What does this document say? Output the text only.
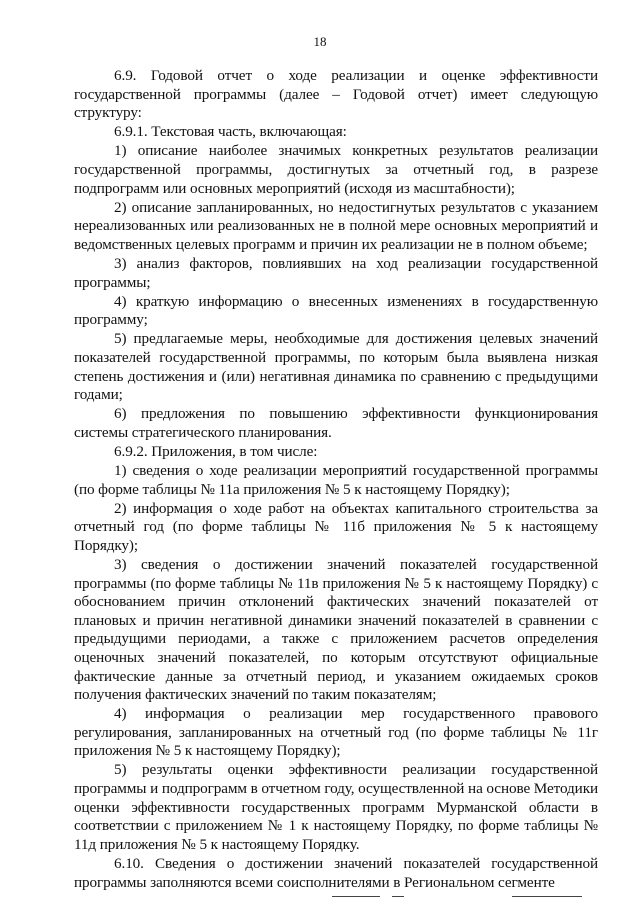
18

6.9. Годовой отчет о ходе реализации и оценке эффективности государственной программы (далее – Годовой отчет) имеет следующую структуру:

6.9.1. Текстовая часть, включающая:

1) описание наиболее значимых конкретных результатов реализации государственной программы, достигнутых за отчетный год, в разрезе подпрограмм или основных мероприятий (исходя из масштабности);

2) описание запланированных, но недостигнутых результатов с указанием нереализованных или реализованных не в полной мере основных мероприятий и ведомственных целевых программ и причин их реализации не в полном объеме;

3) анализ факторов, повлиявших на ход реализации государственной программы;

4) краткую информацию о внесенных изменениях в государственную программу;

5) предлагаемые меры, необходимые для достижения целевых значений показателей государственной программы, по которым была выявлена низкая степень достижения и (или) негативная динамика по сравнению с предыдущими годами;

6) предложения по повышению эффективности функционирования системы стратегического планирования.

6.9.2. Приложения, в том числе:

1) сведения о ходе реализации мероприятий государственной программы (по форме таблицы № 11а приложения № 5 к настоящему Порядку);

2) информация о ходе работ на объектах капитального строительства за отчетный год (по форме таблицы № 11б приложения № 5 к настоящему Порядку);

3) сведения о достижении значений показателей государственной программы (по форме таблицы № 11в приложения № 5 к настоящему Порядку) с обоснованием причин отклонений фактических значений показателей от плановых и причин негативной динамики значений показателей в сравнении с предыдущими периодами, а также с приложением расчетов определения оценочных значений показателей, по которым отсутствуют официальные фактические данные за отчетный период, и указанием ожидаемых сроков получения фактических значений по таким показателям;

4) информация о реализации мер государственного правового регулирования, запланированных на отчетный год (по форме таблицы № 11г приложения № 5 к настоящему Порядку);

5) результаты оценки эффективности реализации государственной программы и подпрограмм в отчетном году, осуществленной на основе Методики оценки эффективности государственных программ Мурманской области в соответствии с приложением № 1 к настоящему Порядку, по форме таблицы № 11д приложения № 5 к настоящему Порядку.

6.10. Сведения о достижении значений показателей государственной программы заполняются всеми соисполнителями в Региональном сегменте
